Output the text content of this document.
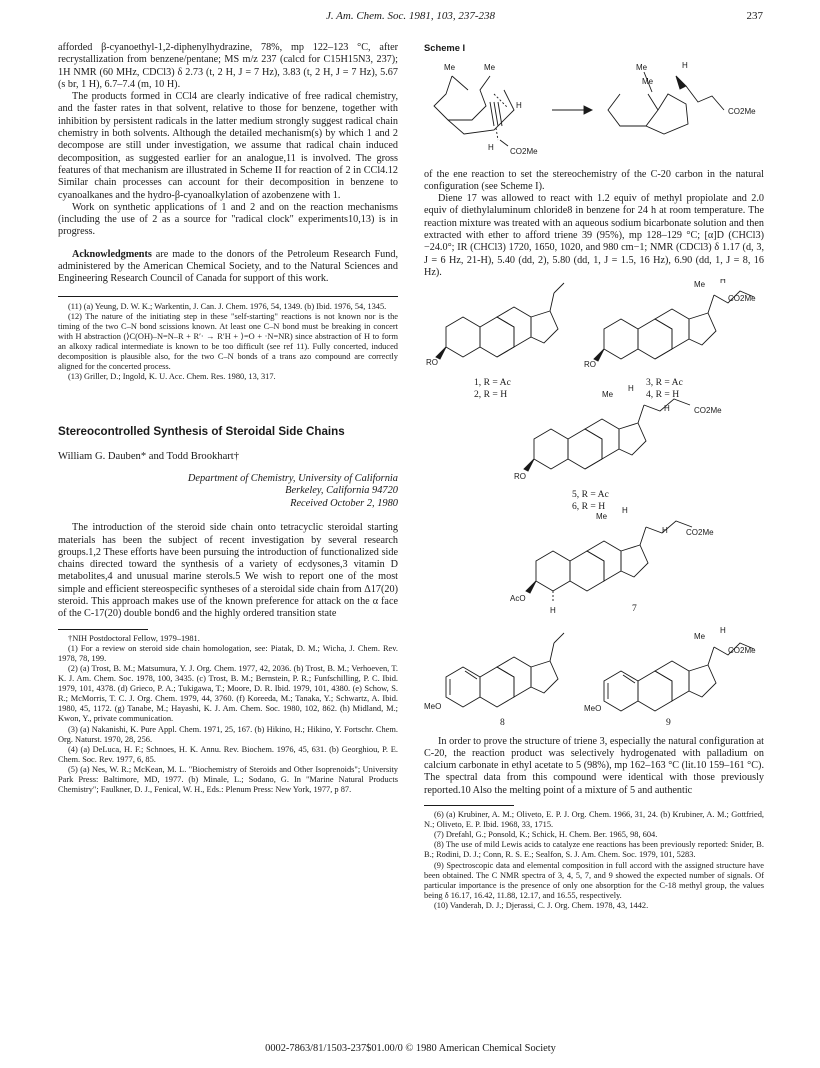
J. Am. Chem. Soc. 1981, 103, 237-238	237

afforded β-cyanoethyl-1,2-diphenylhydrazine, 78%, mp 122–123 °C, after recrystallization from benzene/pentane; MS m/z 237 (calcd for C15H15N3, 237); 1H NMR (60 MHz, CDCl3) δ 2.73 (t, 2 H, J = 7 Hz), 3.83 (t, 2 H, J = 7 Hz), 5.67 (s br, 1 H), 6.7–7.4 (m, 10 H).

The products formed in CCl4 are clearly indicative of free radical chemistry, and the faster rates in that solvent, relative to those for benzene, together with inhibition by persistent radicals in the latter medium strongly suggest radical chain chemistry in both solvents. Although the detailed mechanism(s) by which 1 and 2 decompose are still under investigation, we assume that radical chain induced decomposition, as suggested earlier for an analogue,11 is involved. The gross features of that mechanism are illustrated in Scheme II for reaction of 2 in CCl4.12 Similar chain processes can account for their decomposition in benzene to cyanoalkanes and the hydro-β-cyanoalkylation of azobenzene with 1.

Work on synthetic applications of 1 and 2 and on the reaction mechanisms (including the use of 2 as a source for "radical clock" experiments10,13) is in progress.

Acknowledgments are made to the donors of the Petroleum Research Fund, administered by the American Chemical Society, and to the Natural Sciences and Engineering Research Council of Canada for support of this work.

(11) (a) Yeung, D. W. K.; Warkentin, J. Can. J. Chem. 1976, 54, 1349. (b) Ibid. 1976, 54, 1345.

(12) The nature of the initiating step in these "self-starting" reactions is not known nor is the timing of the two C–N bond scissions known. At least one C–N bond must be breaking in concert with H abstraction (⟩C(OH)–N=N–R + R′· → R′H + ⟩=O + ·N=NR) since abstraction of H to form an alkoxy radical intermediate is known to be too difficult (see ref 11). Fully concerted, induced decomposition is plausible also, for the two C–N bonds of a trans azo compound are correctly aligned for the concerted process.

(13) Griller, D.; Ingold, K. U. Acc. Chem. Res. 1980, 13, 317.

Stereocontrolled Synthesis of Steroidal Side Chains
William G. Dauben* and Todd Brookhart†
Department of Chemistry, University of California
Berkeley, California 94720
Received October 2, 1980

The introduction of the steroid side chain onto tetracyclic steroidal starting materials has been the subject of recent investigation by several research groups.1,2 These efforts have been pursuing the introduction of functionalized side chains directed toward the synthesis of a variety of ecdysones,3 vitamin D metabolites,4 and unusual marine sterols.5 We wish to report one of the most simple and efficient stereospecific syntheses of a steroidal side chain from Δ17(20) steroid. This approach makes use of the known preference for attack on the α face of the C-17(20) double bond6 and the highly ordered transition state

†NIH Postdoctoral Fellow, 1979–1981.

(1) For a review on steroid side chain homologation, see: Piatak, D. M.; Wicha, J. Chem. Rev. 1978, 78, 199.

(2) (a) Trost, B. M.; Matsumura, Y. J. Org. Chem. 1977, 42, 2036. (b) Trost, B. M.; Verhoeven, T. K. J. Am. Chem. Soc. 1978, 100, 3435. (c) Trost, B. M.; Bernstein, P. R.; Funfschilling, P. C. Ibid. 1979, 101, 4378. (d) Grieco, P. A.; Tukigawa, T.; Moore, D. R. Ibid. 1979, 101, 4380. (e) Schow, S. R.; McMorris, T. C. J. Org. Chem. 1979, 44, 3760. (f) Koreeda, M.; Tanaka, Y.; Schwartz, A. Ibid. 1980, 45, 1172. (g) Tanabe, M.; Hayashi, K. J. Am. Chem. Soc. 1980, 102, 862. (h) Midland, M.; Kwon, Y., private communication.

(3) (a) Nakanishi, K. Pure Appl. Chem. 1971, 25, 167. (b) Hikino, H.; Hikino, Y. Fortschr. Chem. Org. Naturst. 1970, 28, 256.

(4) (a) DeLuca, H. F.; Schnoes, H. K. Annu. Rev. Biochem. 1976, 45, 631. (b) Georghiou, P. E. Chem. Soc. Rev. 1977, 6, 85.

(5) (a) Nes, W. R.; McKean, M. L. "Biochemistry of Steroids and Other Isoprenoids"; University Park Press: Baltimore, MD, 1977. (b) Minale, L.; Sodano, G. In "Marine Natural Products Chemistry"; Faulkner, D. J., Fenical, W. H., Eds.: Plenum Press: New York, 1977, p 87.

Scheme I
Me	Me
H
H CO2Me
Me	H
Me
CO2Me

of the ene reaction to set the stereochemistry of the C-20 carbon in the natural configuration (see Scheme I).

Diene 17 was allowed to react with 1.2 equiv of methyl propiolate and 2.0 equiv of diethylaluminum chloride8 in benzene for 24 h at room temperature. The reaction mixture was treated with an aqueous sodium bicarbonate solution and then extracted with ether to afford triene 39 (95%), mp 128–129 °C; [α]D (CHCl3) −24.0°; IR (CHCl3) 1720, 1650, 1020, and 980 cm−1; NMR (CDCl3) δ 1.17 (d, 3, J = 6 Hz, 21-H), 5.40 (dd, 2), 5.80 (dd, 1, J = 1.5, 16 Hz), 6.90 (dd, 1, J = 8, 16 Hz).

RO
1, R = Ac
2, R = H
Me H
CO2Me
RO
3, R = Ac
4, R = H
Me
H
H	CO2Me
RO
5, R = Ac
6, R = H
Me
H
H CO2Me
AcO
H	7
MeO
8
Me
H
CO2Me
MeO
9

In order to prove the structure of triene 3, especially the natural configuration at C-20, the reaction product was selectively hydrogenated with palladium on calcium carbonate in ethyl acetate to 5 (98%), mp 162–163 °C (lit.10 159–161 °C). The spectral data from this compound were identical with those previously reported.10 Also the melting point of a mixture of 5 and authentic

(6) (a) Krubiner, A. M.; Oliveto, E. P. J. Org. Chem. 1966, 31, 24. (b) Krubiner, A. M.; Gottfried, N.; Oliveto, E. P. Ibid. 1968, 33, 1715.

(7) Drefahl, G.; Ponsold, K.; Schick, H. Chem. Ber. 1965, 98, 604.

(8) The use of mild Lewis acids to catalyze ene reactions has been previously reported: Snider, B. B.; Rodini, D. J.; Conn, R. S. E.; Sealfon, S. J. Am. Chem. Soc. 1979, 101, 5283.

(9) Spectroscopic data and elemental composition in full accord with the assigned structure have been obtained. The C NMR spectra of 3, 4, 5, 7, and 9 showed the expected number of signals. Of particular importance is the presence of only one absorption for the C-18 methyl group, the values being δ 16.17, 16.42, 11.88, 12.17, and 16.55, respectively.

(10) Vanderah, D. J.; Djerassi, C. J. Org. Chem. 1978, 43, 1442.

0002-7863/81/1503-237$01.00/0 © 1980 American Chemical Society
